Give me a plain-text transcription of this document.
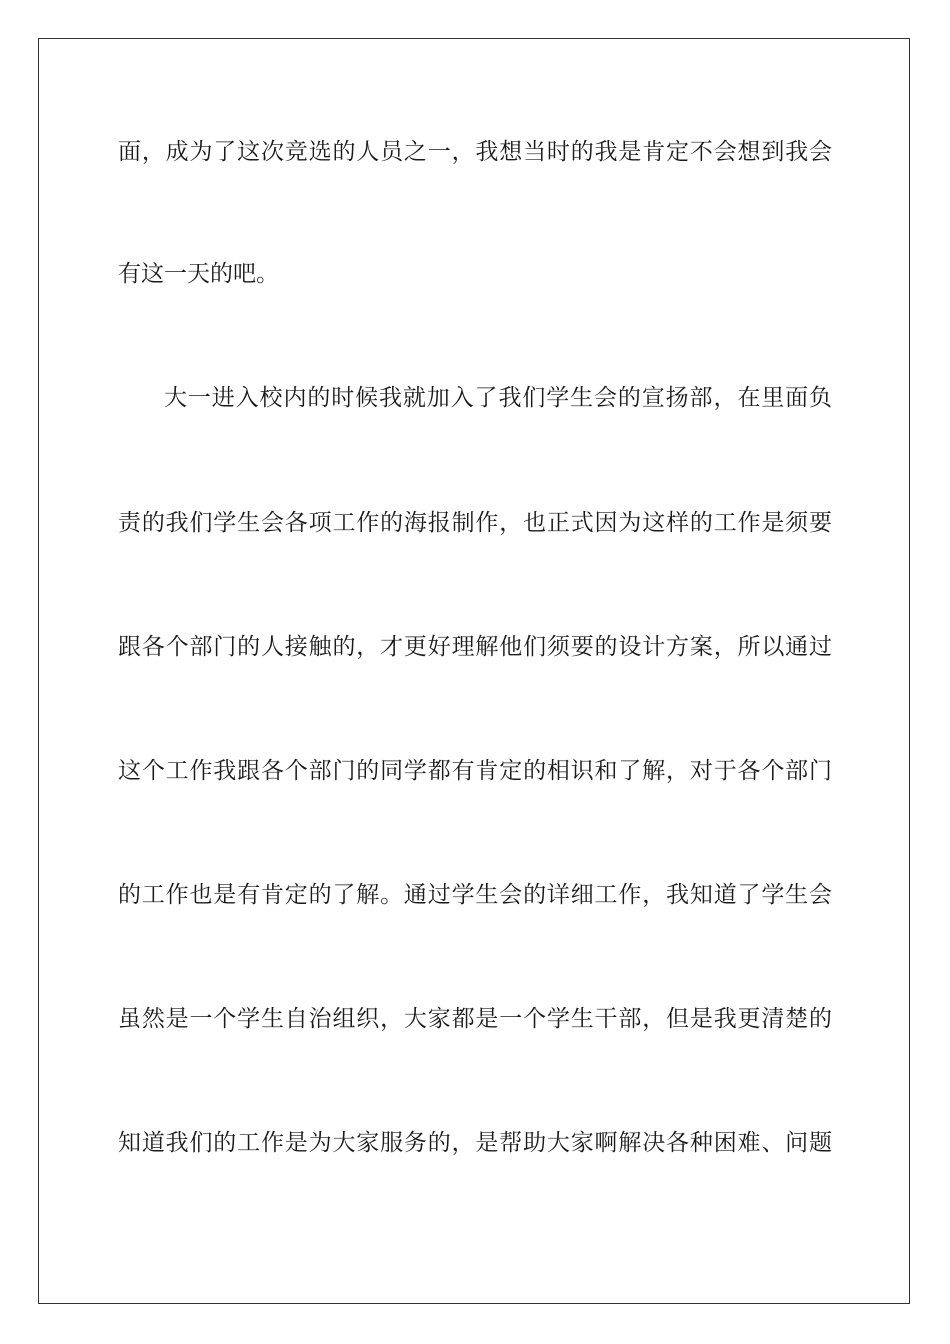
面，成为了这次竞选的人员之一，我想当时的我是肯定不会想到我会
有这一天的吧。
大一进入校内的时候我就加入了我们学生会的宣扬部，在里面负
责的我们学生会各项工作的海报制作，也正式因为这样的工作是须要
跟各个部门的人接触的，才更好理解他们须要的设计方案，所以通过
这个工作我跟各个部门的同学都有肯定的相识和了解，对于各个部门
的工作也是有肯定的了解。通过学生会的详细工作，我知道了学生会
虽然是一个学生自治组织，大家都是一个学生干部，但是我更清楚的
知道我们的工作是为大家服务的，是帮助大家啊解决各种困难、问题
